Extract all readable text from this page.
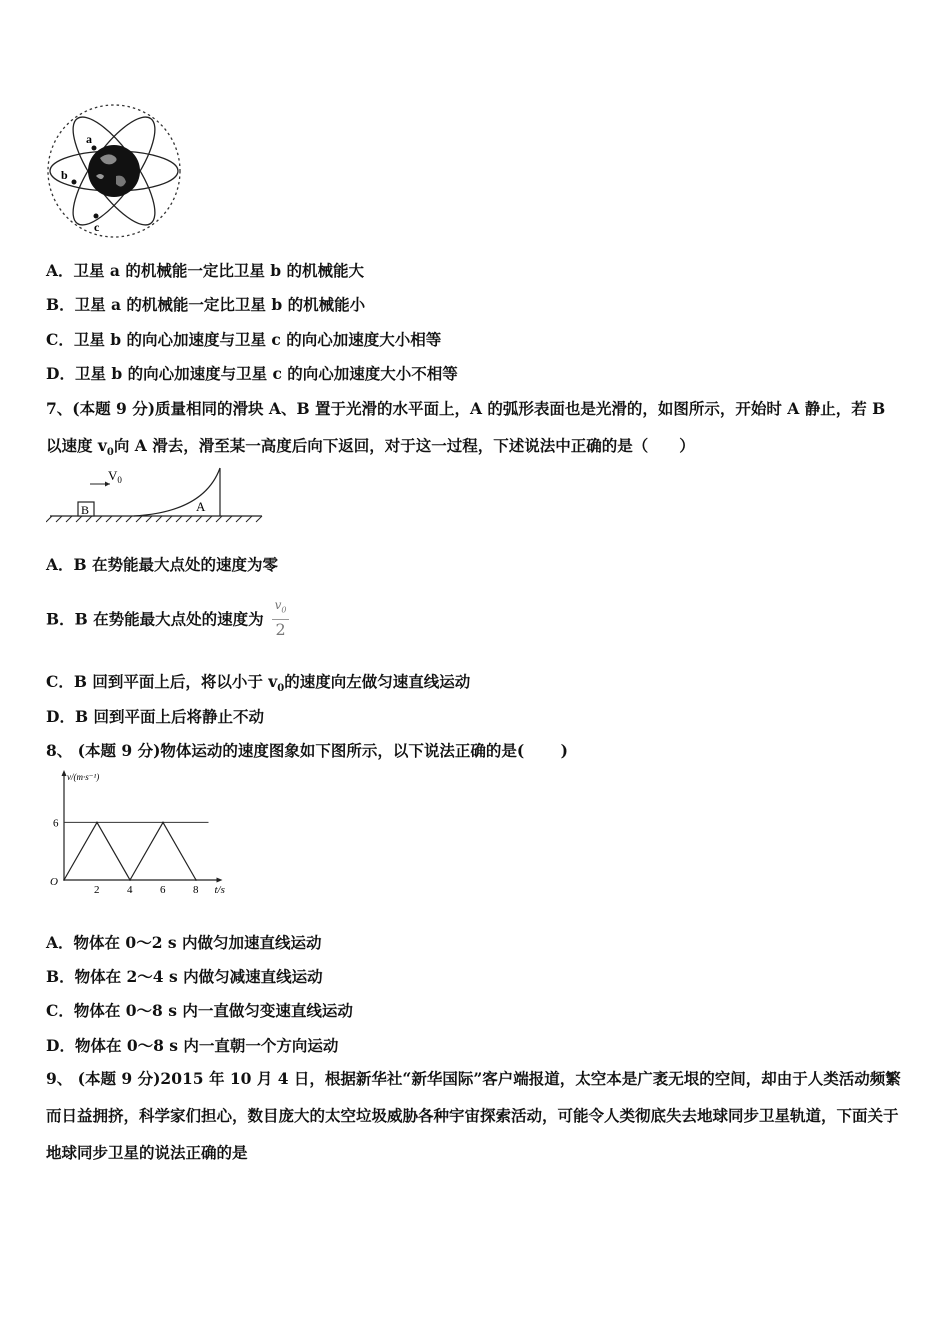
a
b
c
A．卫星 a 的机械能一定比卫星 b 的机械能大
B．卫星 a 的机械能一定比卫星 b 的机械能小
C．卫星 b 的向心加速度与卫星 c 的向心加速度大小相等
D．卫星 b 的向心加速度与卫星 c 的向心加速度大小不相等
7、(本题 9 分)质量相同的滑块 A、B 置于光滑的水平面上，A 的弧形表面也是光滑的，如图所示，开始时 A 静止，若 B
以速度 $v_0$向 A 滑去，滑至某一高度后向下返回，对于这一过程，下述说法中正确的是（　　）
B
$V_0$
A
A．B 在势能最大点处的速度为零
B．B 在势能最大点处的速度为 $\frac{v_0}{2}$
C．B 回到平面上后，将以小于 $v_0$的速度向左做匀速直线运动
D．B 回到平面上后将静止不动
8、 (本题 9 分)物体运动的速度图象如下图所示，以下说法正确的是(　　 )
6
2	4	6	8
O
v/(m·s⁻¹)
t/s
A．物体在 0～2 s 内做匀加速直线运动
B．物体在 2～4 s 内做匀减速直线运动
C．物体在 0～8 s 内一直做匀变速直线运动
D．物体在 0～8 s 内一直朝一个方向运动
9、 (本题 9 分)2015 年 10 月 4 日，根据新华社“新华国际”客户端报道，太空本是广袤无垠的空间，却由于人类活动频繁而日益拥挤，科学家们担心，数目庞大的太空垃圾威胁各种宇宙探索活动，可能令人类彻底失去地球同步卫星轨道，下面关于地球同步卫星的说法正确的是
